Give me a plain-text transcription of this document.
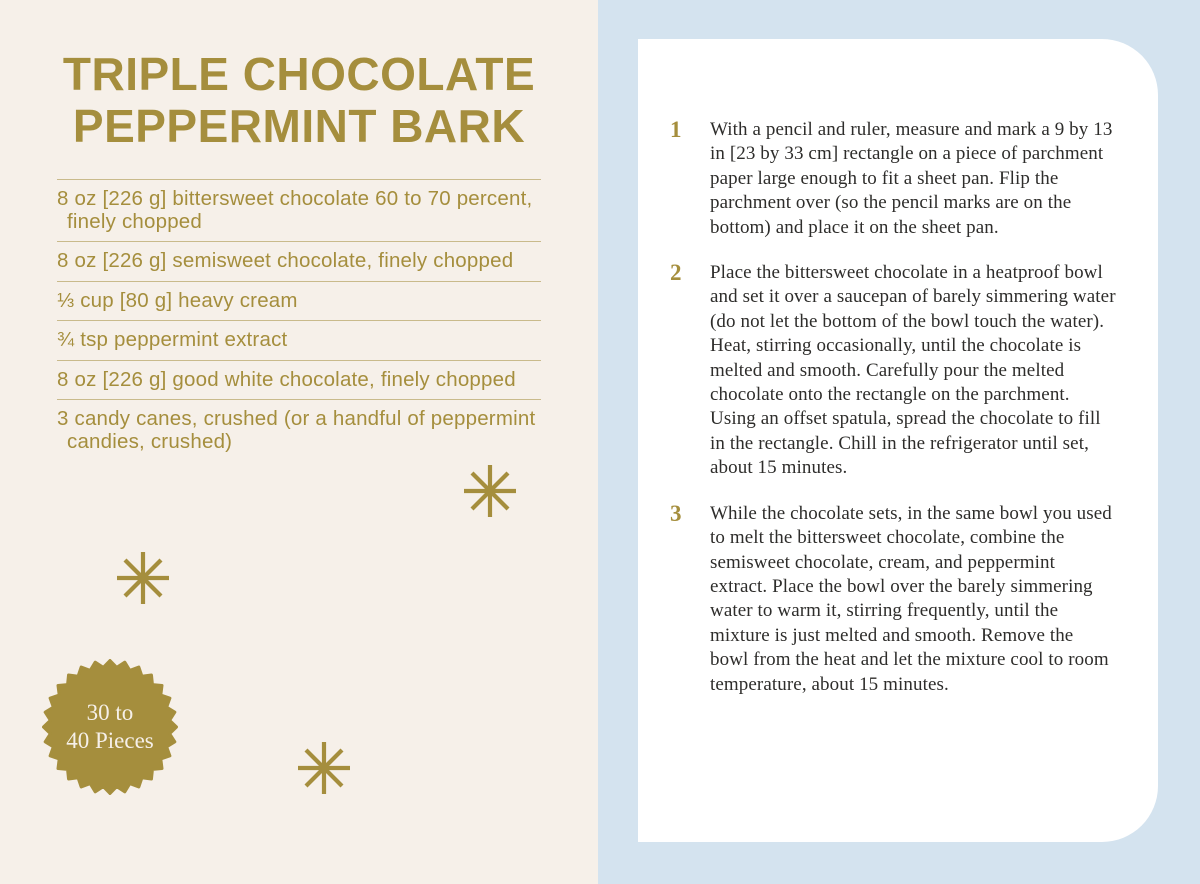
TRIPLE CHOCOLATE
PEPPERMINT BARK
8 oz [226 g] bittersweet chocolate 60 to 70 percent, finely chopped
8 oz [226 g] semisweet chocolate, finely chopped
⅓ cup [80 g] heavy cream
¾ tsp peppermint extract
8 oz [226 g] good white chocolate, finely chopped
3 candy canes, crushed (or a handful of peppermint candies, crushed)
30 to
40 Pieces
1	With a pencil and ruler, measure and mark a 9 by 13 in [23 by 33 cm] rectangle on a piece of parchment paper large enough to fit a sheet pan. Flip the parchment over (so the pencil marks are on the bottom) and place it on the sheet pan.
2	Place the bittersweet chocolate in a heatproof bowl and set it over a saucepan of barely simmering water (do not let the bottom of the bowl touch the water). Heat, stirring occasionally, until the chocolate is melted and smooth. Carefully pour the melted chocolate onto the rectangle on the parchment. Using an offset spatula, spread the chocolate to fill in the rectangle. Chill in the refrigerator until set, about 15 minutes.
3	While the chocolate sets, in the same bowl you used to melt the bittersweet chocolate, combine the semisweet chocolate, cream, and peppermint extract. Place the bowl over the barely simmering water to warm it, stirring frequently, until the mixture is just melted and smooth. Remove the bowl from the heat and let the mixture cool to room temperature, about 15 minutes.
